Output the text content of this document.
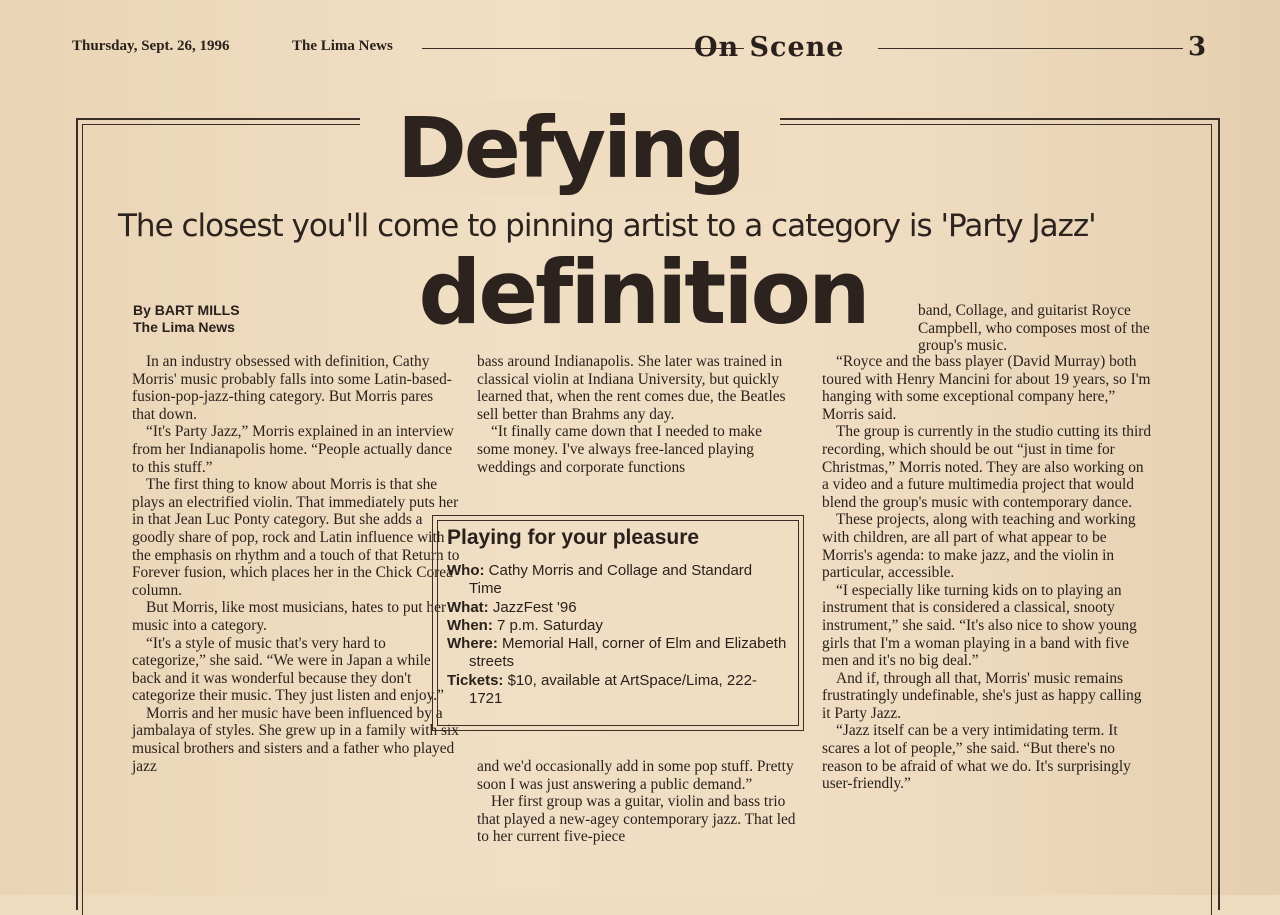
Thursday, Sept. 26, 1996	The Lima News	On Scene	3
Defying
The closest you'll come to pinning artist to a category is 'Party Jazz'
definition
By BART MILLS
The Lima News

In an industry obsessed with definition, Cathy Morris' music probably falls into some Latin-based-fusion-pop-jazz-thing category. But Morris pares that down.

“It's Party Jazz,” Morris explained in an interview from her Indianapolis home. “People actually dance to this stuff.”

The first thing to know about Morris is that she plays an electrified violin. That immediately puts her in that Jean Luc Ponty category. But she adds a goodly share of pop, rock and Latin influence with the emphasis on rhythm and a touch of that Return to Forever fusion, which places her in the Chick Corea column.

But Morris, like most musicians, hates to put her music into a category.

“It's a style of music that's very hard to categorize,” she said. “We were in Japan a while back and it was wonderful because they don't categorize their music. They just listen and enjoy.”

Morris and her music have been influenced by a jambalaya of styles. She grew up in a family with six musical brothers and sisters and a father who played jazz

bass around Indianapolis. She later was trained in classical violin at Indiana University, but quickly learned that, when the rent comes due, the Beatles sell better than Brahms any day.

“It finally came down that I needed to make some money. I've always free-lanced playing weddings and corporate functions

Playing for your pleasure
Who: Cathy Morris and Collage and Standard Time
What: JazzFest '96
When: 7 p.m. Saturday
Where: Memorial Hall, corner of Elm and Elizabeth streets
Tickets: $10, available at ArtSpace/Lima, 222-1721

and we'd occasionally add in some pop stuff. Pretty soon I was just answering a public demand.”

Her first group was a guitar, violin and bass trio that played a new-agey contemporary jazz. That led to her current five-piece

band, Collage, and guitarist Royce Campbell, who composes most of the group's music.

“Royce and the bass player (David Murray) both toured with Henry Mancini for about 19 years, so I'm hanging with some exceptional company here,” Morris said.

The group is currently in the studio cutting its third recording, which should be out “just in time for Christmas,” Morris noted. They are also working on a video and a future multimedia project that would blend the group's music with contemporary dance.

These projects, along with teaching and working with children, are all part of what appear to be Morris's agenda: to make jazz, and the violin in particular, accessible.

“I especially like turning kids on to playing an instrument that is considered a classical, snooty instrument,” she said. “It's also nice to show young girls that I'm a woman playing in a band with five men and it's no big deal.”

And if, through all that, Morris' music remains frustratingly undefinable, she's just as happy calling it Party Jazz.

“Jazz itself can be a very intimidating term. It scares a lot of people,” she said. “But there's no reason to be afraid of what we do. It's surprisingly user-friendly.”
